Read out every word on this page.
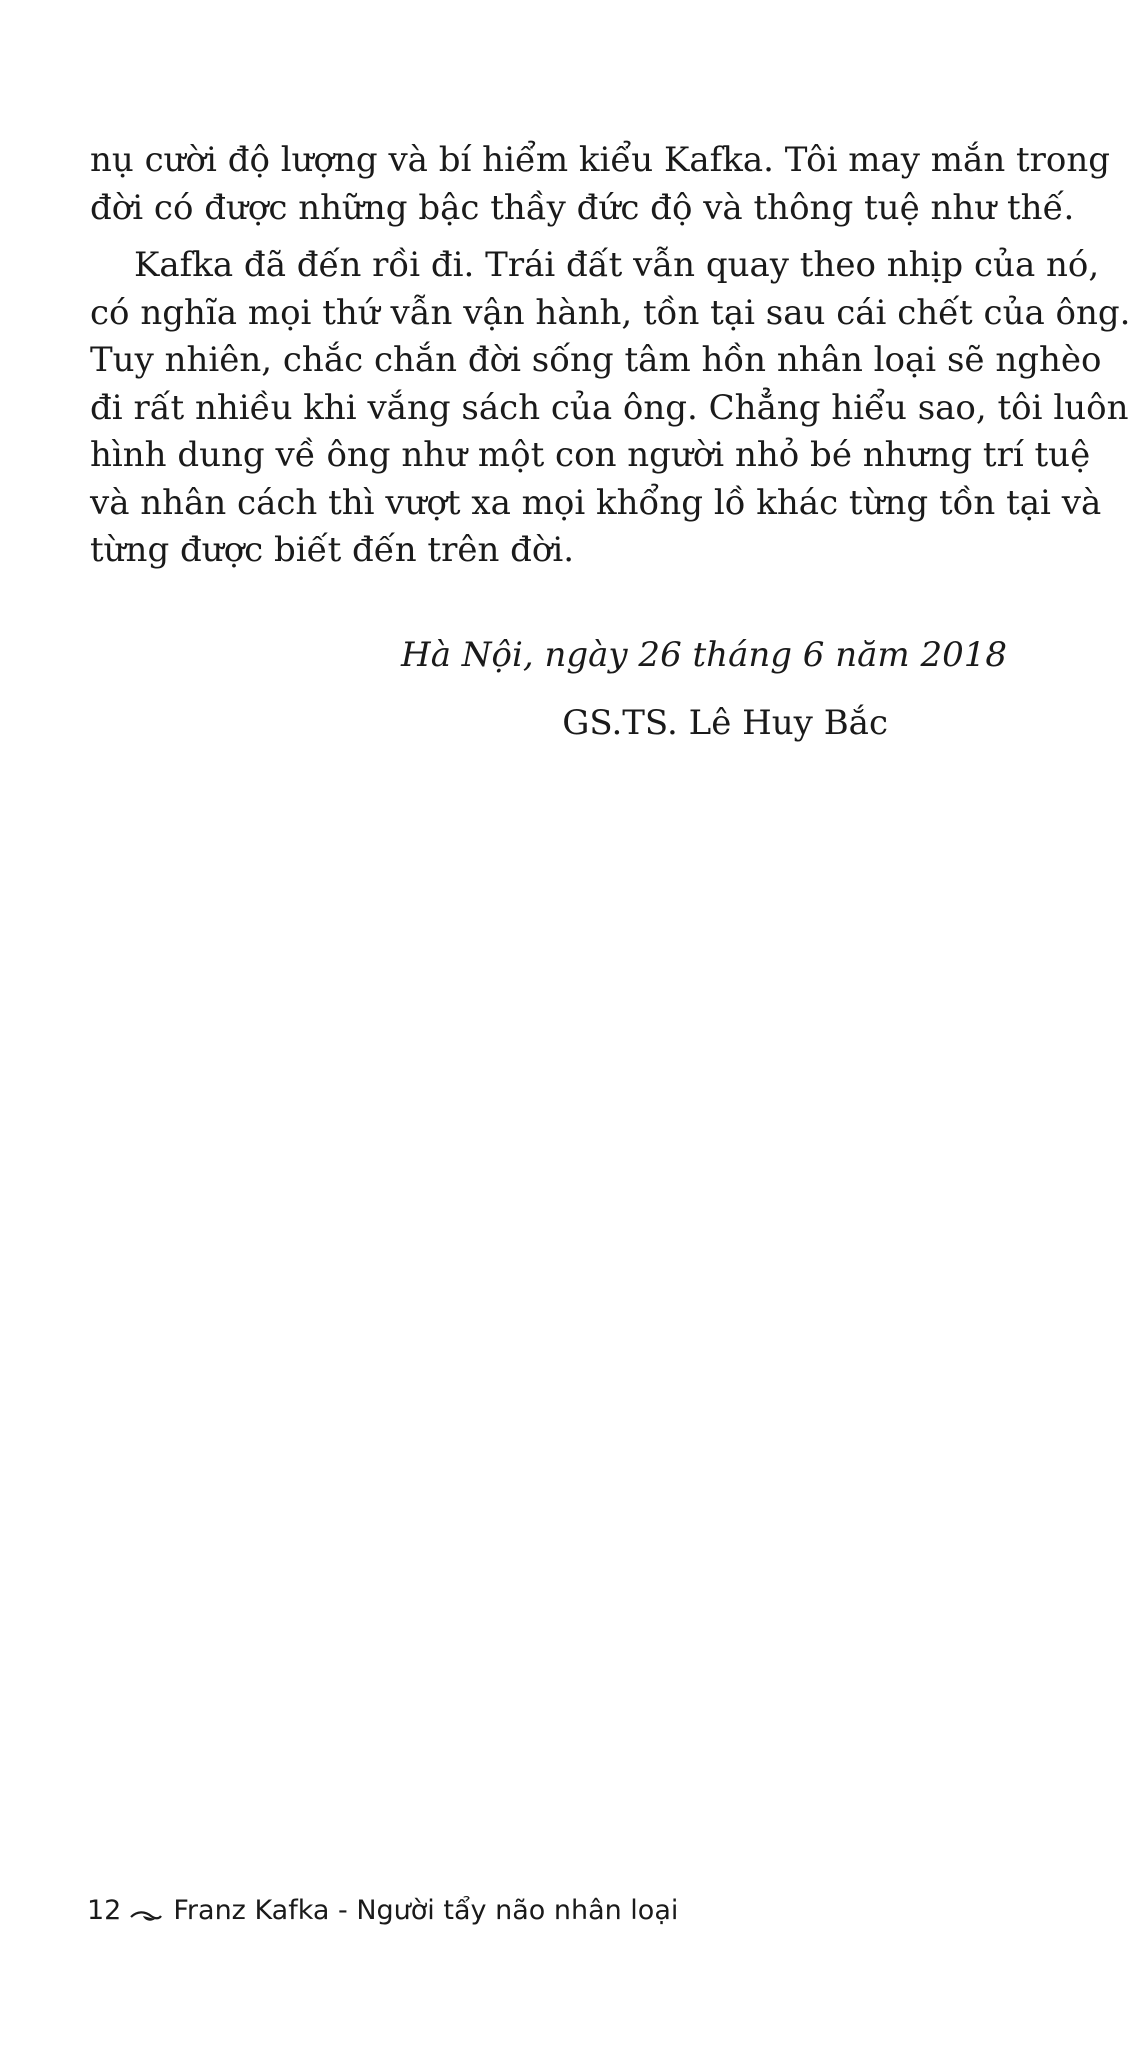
nụ cười độ lượng và bí hiểm kiểu Kafka. Tôi may mắn trong
đời có được những bậc thầy đức độ và thông tuệ như thế.
Kafka đã đến rồi đi. Trái đất vẫn quay theo nhịp của nó,
có nghĩa mọi thứ vẫn vận hành, tồn tại sau cái chết của ông.
Tuy nhiên, chắc chắn đời sống tâm hồn nhân loại sẽ nghèo
đi rất nhiều khi vắng sách của ông. Chẳng hiểu sao, tôi luôn
hình dung về ông như một con người nhỏ bé nhưng trí tuệ
và nhân cách thì vượt xa mọi khổng lồ khác từng tồn tại và
từng được biết đến trên đời.
Hà Nội, ngày 26 tháng 6 năm 2018
GS.TS. Lê Huy Bắc
12 Franz Kafka - Người tẩy não nhân loại
